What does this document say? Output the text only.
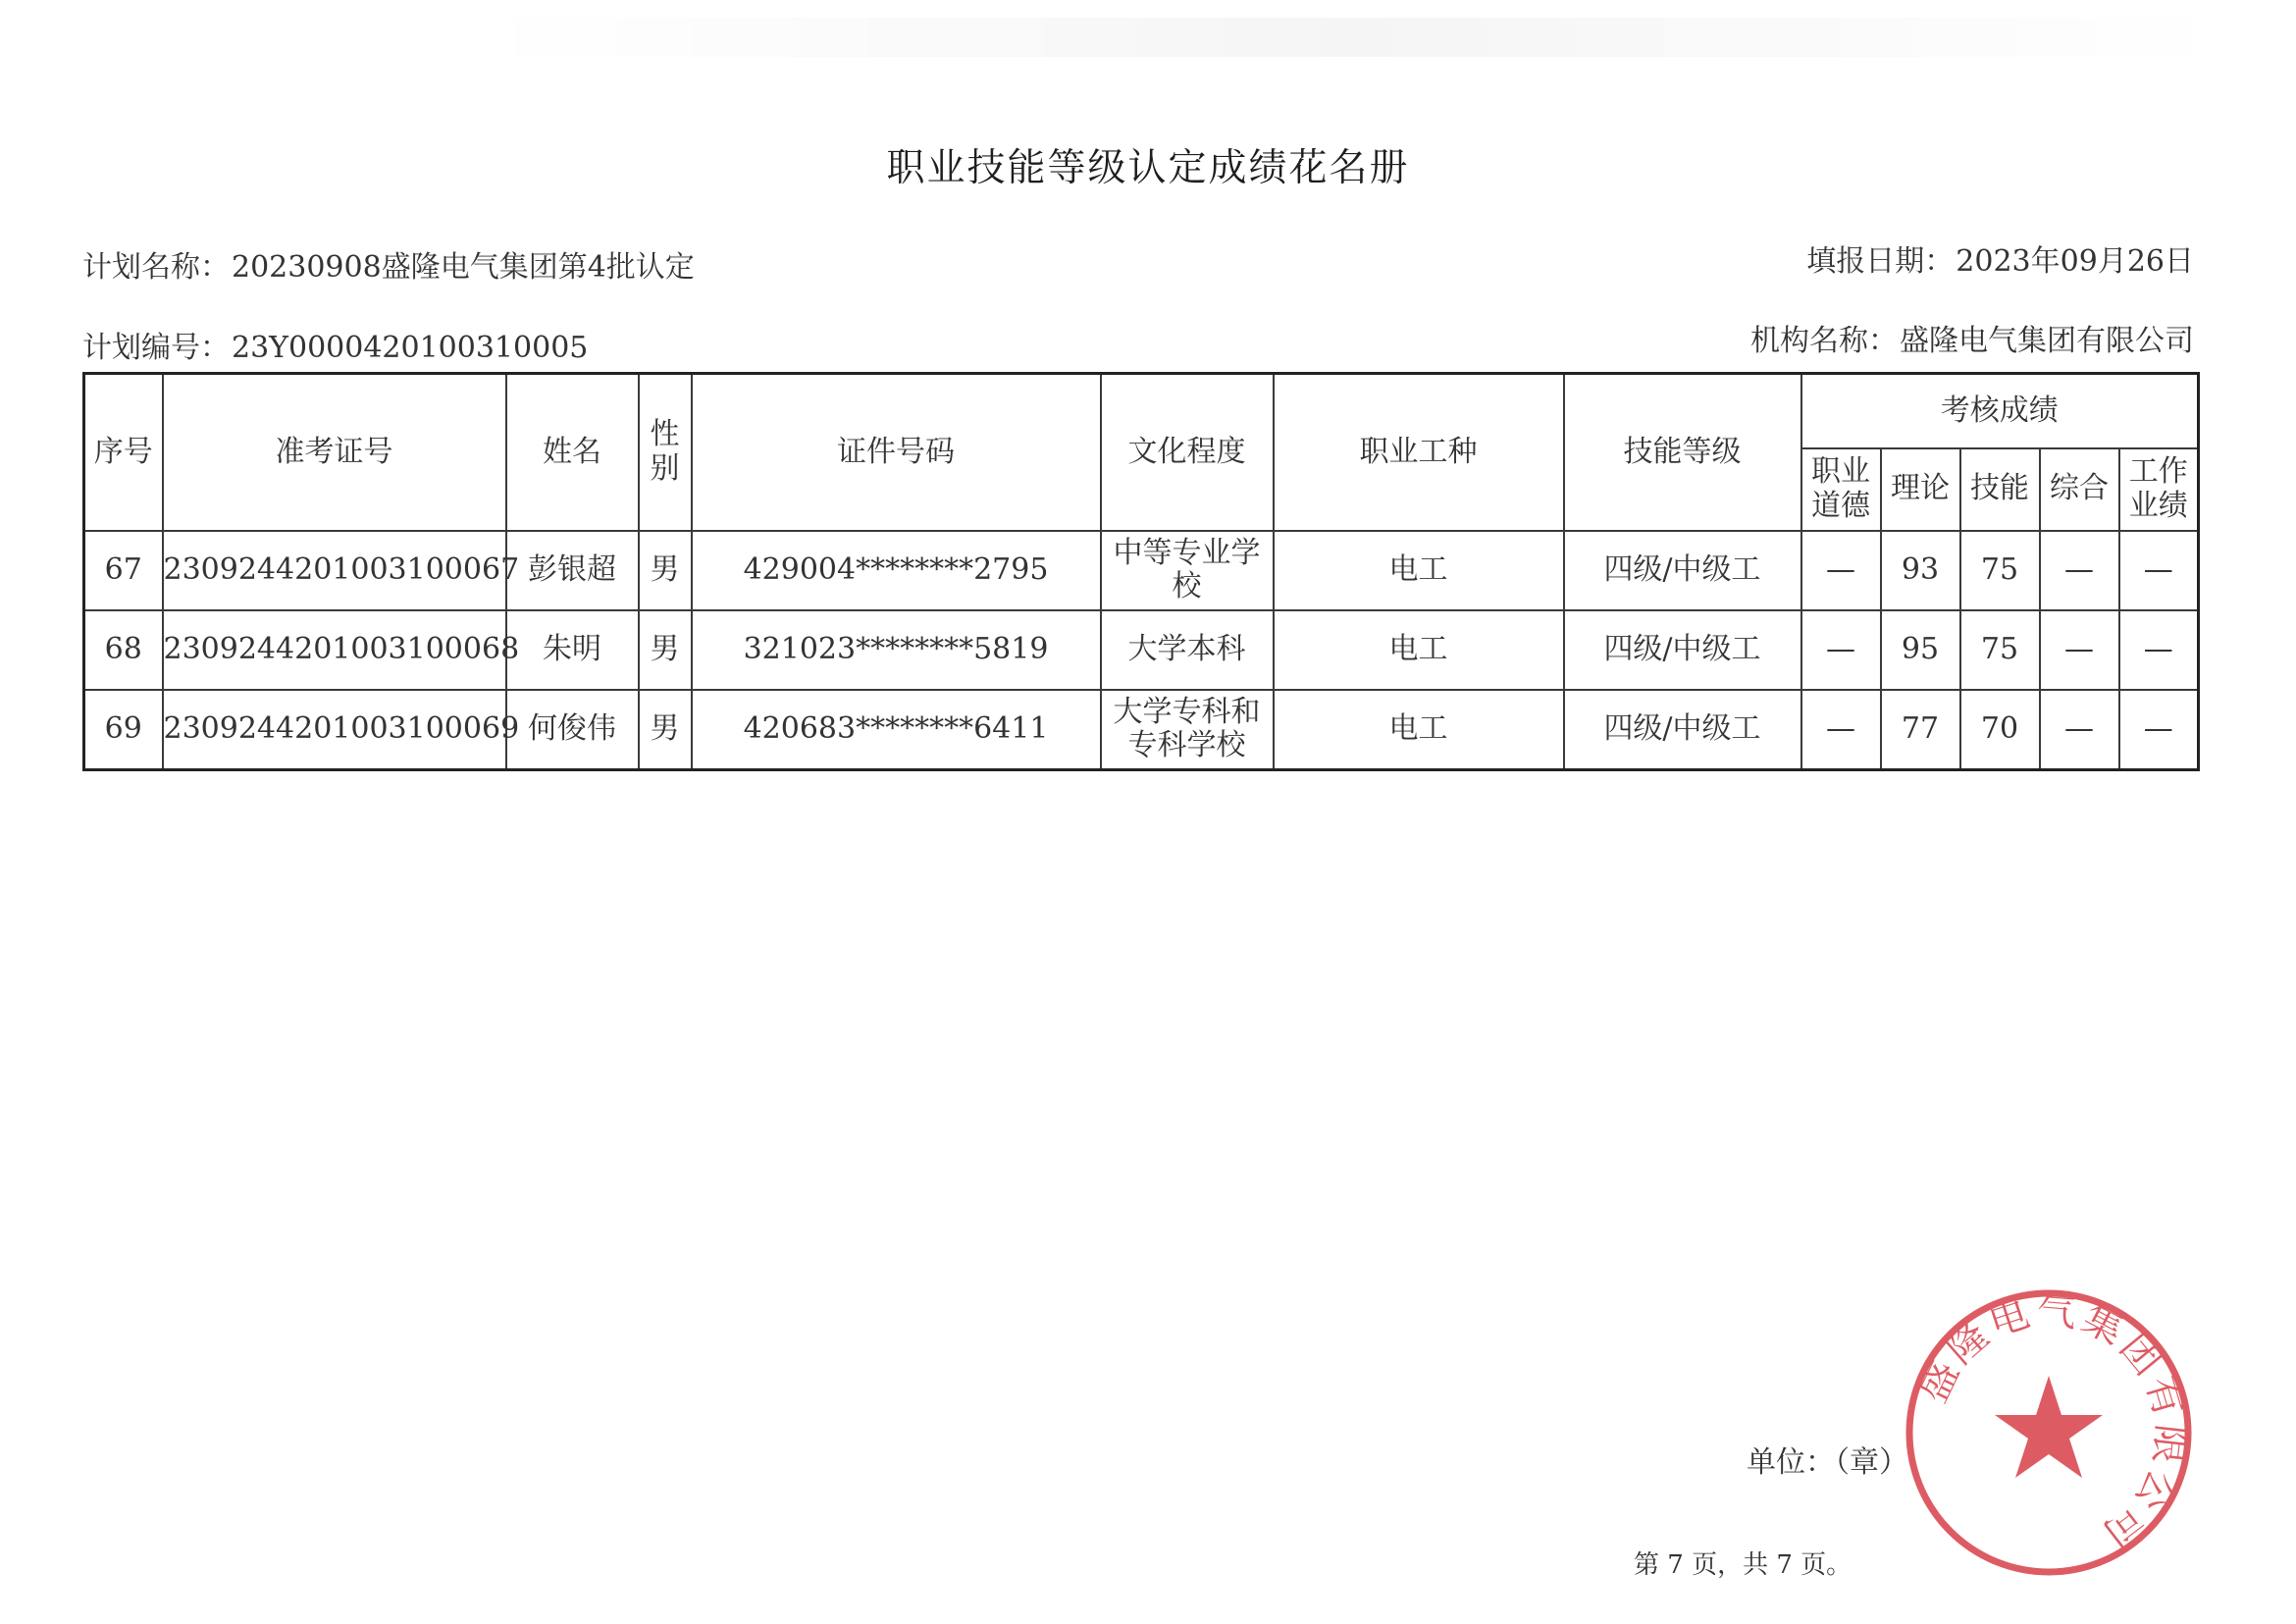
职业技能等级认定成绩花名册
计划名称：20230908盛隆电气集团第4批认定	填报日期：2023年09月26日
计划编号：23Y0000420100310005	机构名称：盛隆电气集团有限公司
序号	准考证号	姓名	性别	证件号码	文化程度	职业工种	技能等级	考核成绩				
								职业道德	理论	技能	综合	工作业绩
67	2309244201003100067	彭银超	男	429004********2795	中等专业学校	电工	四级/中级工	—	93	75	—	—
68	2309244201003100068	朱明	男	321023********5819	大学本科	电工	四级/中级工	—	95	75	—	—
69	2309244201003100069	何俊伟	男	420683********6411	大学专科和专科学校	电工	四级/中级工	—	77	70	—	—
单位：（章）
第 7 页，共 7 页。
盛隆电气集团有限公司
